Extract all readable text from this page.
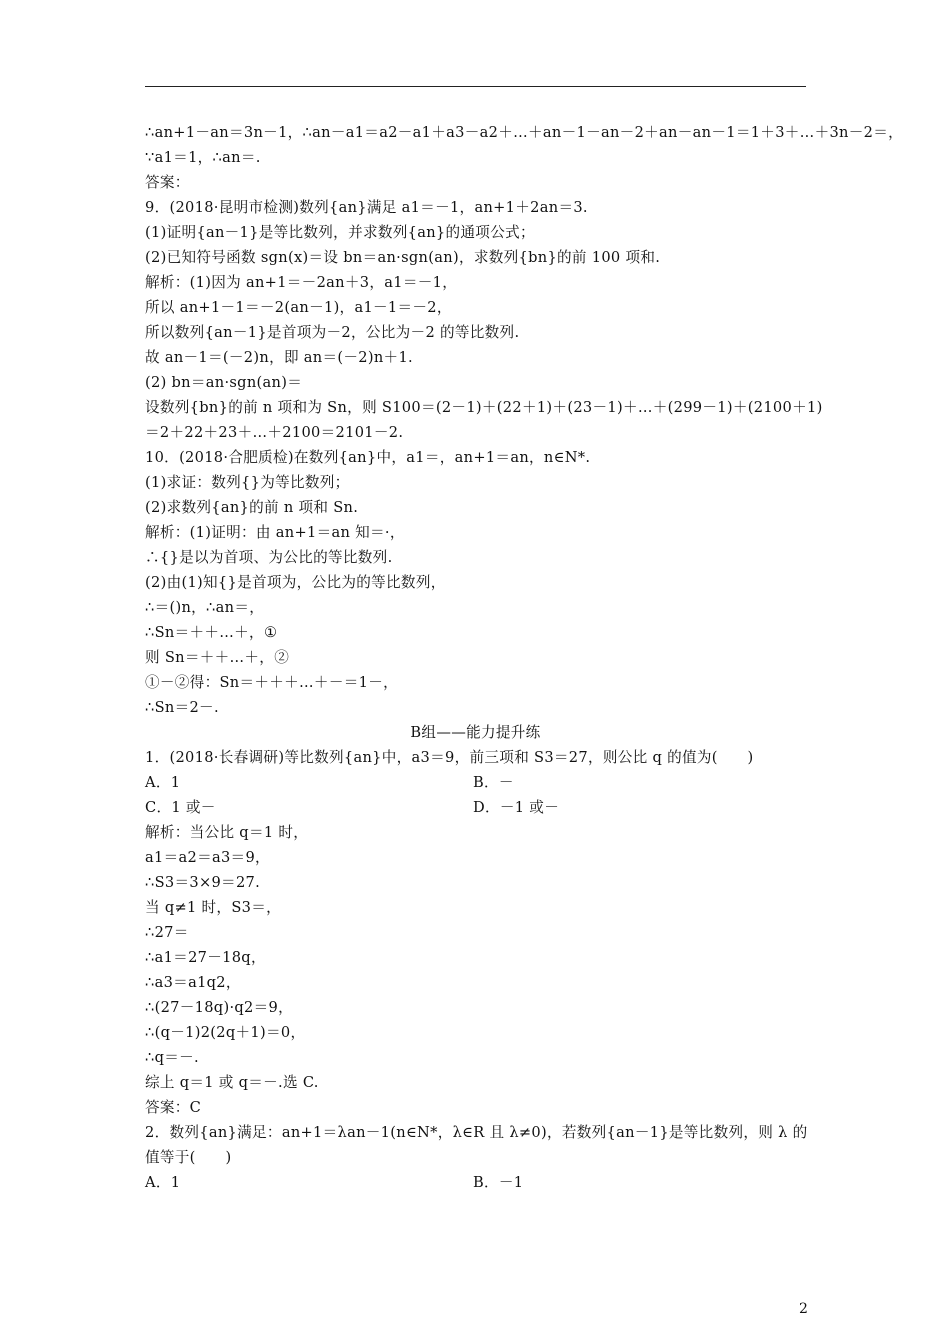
∴an+1－an＝3n－1，∴an－a1＝a2－a1＋a3－a2＋…＋an－1－an－2＋an－an－1＝1＋3＋…＋3n－2＝，
∵a1＝1，∴an＝.
答案：
9．(2018·昆明市检测)数列{an}满足 a1＝－1，an+1＋2an＝3.
(1)证明{an－1}是等比数列，并求数列{an}的通项公式；
(2)已知符号函数 sgn(x)＝设 bn＝an·sgn(an)，求数列{bn}的前 100 项和.
解析：(1)因为 an+1＝－2an＋3，a1＝－1，
所以 an+1－1＝－2(an－1)，a1－1＝－2，
所以数列{an－1}是首项为－2，公比为－2 的等比数列.
故 an－1＝(－2)n，即 an＝(－2)n＋1.
(2) bn＝an·sgn(an)＝
设数列{bn}的前 n 项和为 Sn，则 S100＝(2－1)＋(22＋1)＋(23－1)＋…＋(299－1)＋(2100＋1)
＝2＋22＋23＋…＋2100＝2101－2.
10．(2018·合肥质检)在数列{an}中，a1＝，an+1＝an，n∈N*.
(1)求证：数列{}为等比数列；
(2)求数列{an}的前 n 项和 Sn.
解析：(1)证明：由 an+1＝an 知＝·，
∴{}是以为首项、为公比的等比数列.
(2)由(1)知{}是首项为，公比为的等比数列，
∴＝()n，∴an＝，
∴Sn＝＋＋…＋，①
则 Sn＝＋＋…＋，②
①－②得：Sn＝＋＋＋…＋－＝1－，
∴Sn＝2－.
B组——能力提升练
1．(2018·长春调研)等比数列{an}中，a3＝9，前三项和 S3＝27，则公比 q 的值为(　　)
A．1	B．－
C．1 或－	D．－1 或－
解析：当公比 q＝1 时，
a1＝a2＝a3＝9，
∴S3＝3×9＝27.
当 q≠1 时，S3＝，
∴27＝
∴a1＝27－18q，
∴a3＝a1q2，
∴(27－18q)·q2＝9，
∴(q－1)2(2q＋1)＝0，
∴q＝－.
综上 q＝1 或 q＝－.选 C.
答案：C
2．数列{an}满足：an+1＝λan－1(n∈N*，λ∈R 且 λ≠0)，若数列{an－1}是等比数列，则 λ 的
值等于(　　)
A．1	B．－1
2
